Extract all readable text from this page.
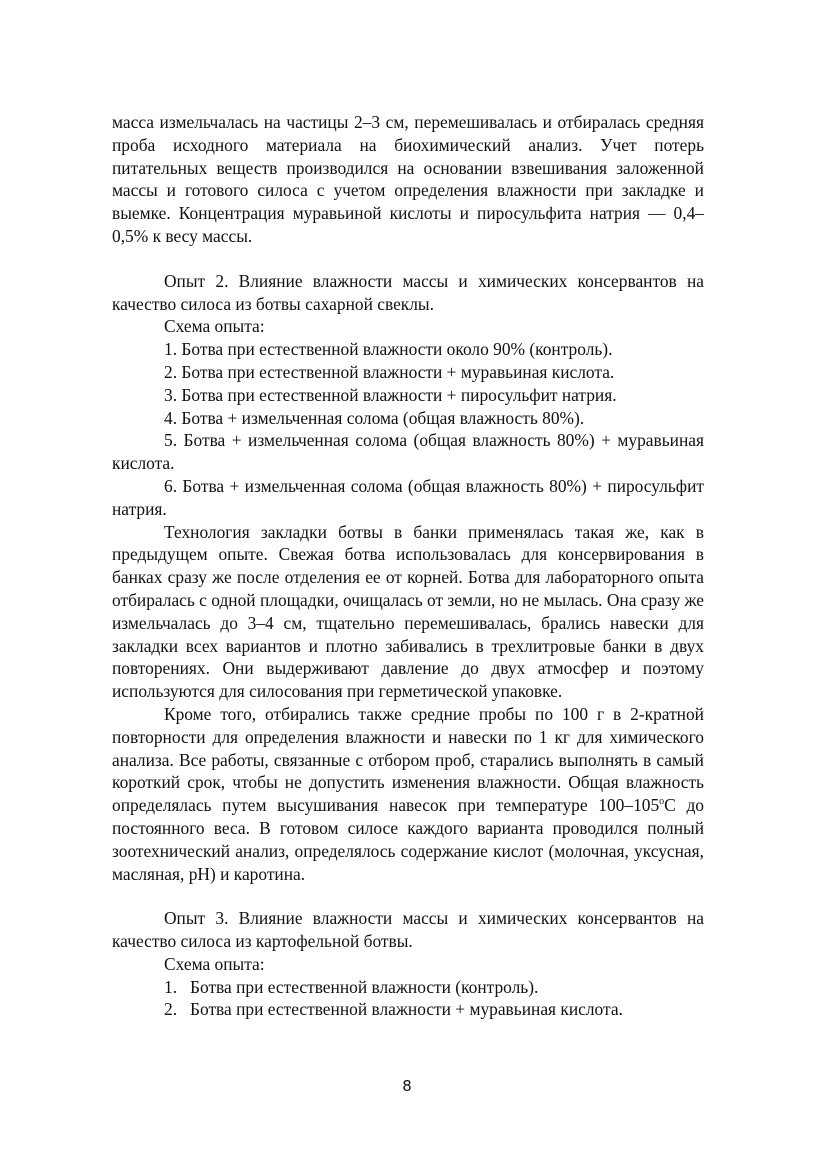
масса измельчалась на частицы 2–3 см, перемешивалась и отбиралась средняя проба исходного материала на биохимический анализ. Учет потерь питательных веществ производился на основании взвешивания заложенной массы и готового силоса с учетом определения влажности при закладке и выемке. Концентрация муравьиной кислоты и пиросульфита натрия — 0,4–0,5% к весу массы.

Опыт 2. Влияние влажности массы и химических консервантов на качество силоса из ботвы сахарной свеклы.

Схема опыта:

1. Ботва при естественной влажности около 90% (контроль).

2. Ботва при естественной влажности + муравьиная кислота.

3. Ботва при естественной влажности + пиросульфит натрия.

4. Ботва + измельченная солома (общая влажность 80%).

5. Ботва + измельченная солома (общая влажность 80%) + муравьиная кислота.

6. Ботва + измельченная солома (общая влажность 80%) + пиросульфит натрия.

Технология закладки ботвы в банки применялась такая же, как в предыдущем опыте. Свежая ботва использовалась для консервирования в банках сразу же после отделения ее от корней. Ботва для лабораторного опыта отбиралась с одной площадки, очищалась от земли, но не мылась. Она сразу же измельчалась до 3–4 см, тщательно перемешивалась, брались навески для закладки всех вариантов и плотно забивались в трехлитровые банки в двух повторениях. Они выдерживают давление до двух атмосфер и поэтому используются для силосования при герметической упаковке.

Кроме того, отбирались также средние пробы по 100 г в 2-кратной повторности для определения влажности и навески по 1 кг для химического анализа. Все работы, связанные с отбором проб, старались выполнять в самый короткий срок, чтобы не допустить изменения влажности. Общая влажность определялась путем высушивания навесок при температуре $100-105^оС$ до постоянного веса. В готовом силосе каждого варианта проводился полный зоотехнический анализ, определялось содержание кислот (молочная, уксусная, масляная, рН) и каротина.

Опыт 3. Влияние влажности массы и химических консервантов на качество силоса из картофельной ботвы.

Схема опыта:

1. Ботва при естественной влажности (контроль).

2. Ботва при естественной влажности + муравьиная кислота.

8
